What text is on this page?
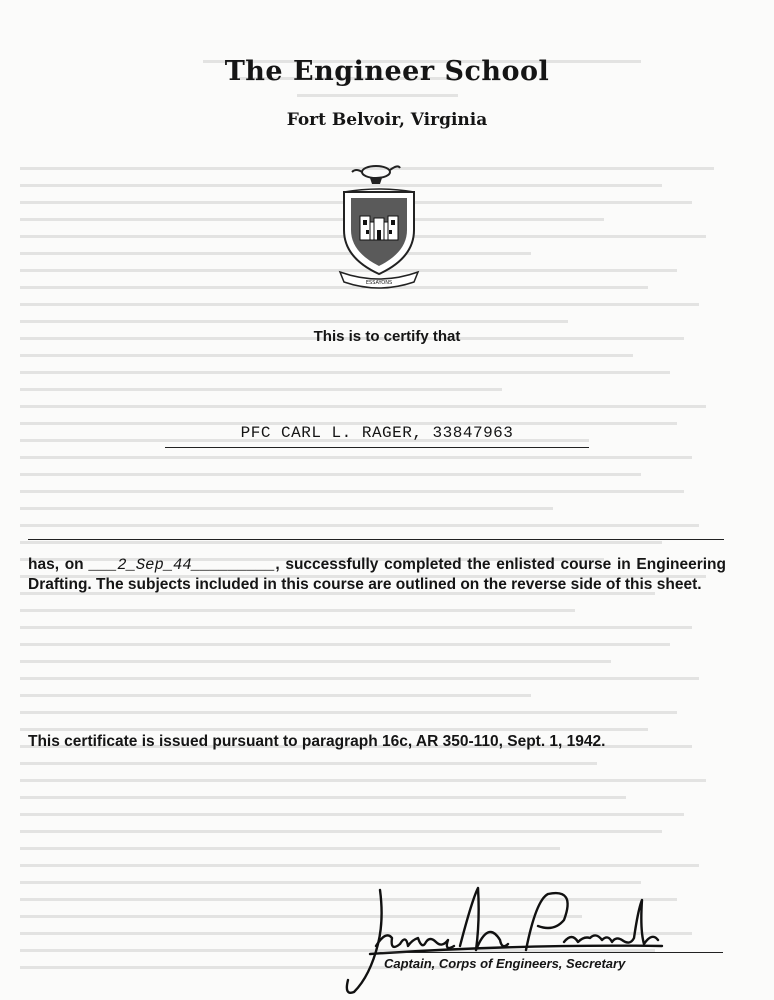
The Engineer School
Fort Belvoir, Virginia
ESSAYONS
This is to certify that
PFC CARL L. RAGER, 33847963
has, on ___2_Sep_44_________, successfully completed the enlisted course in Engineering Drafting. The subjects included in this course are outlined on the reverse side of this sheet.
This certificate is issued pursuant to paragraph 16c, AR 350-110, Sept. 1, 1942.
Captain, Corps of Engineers, Secretary
